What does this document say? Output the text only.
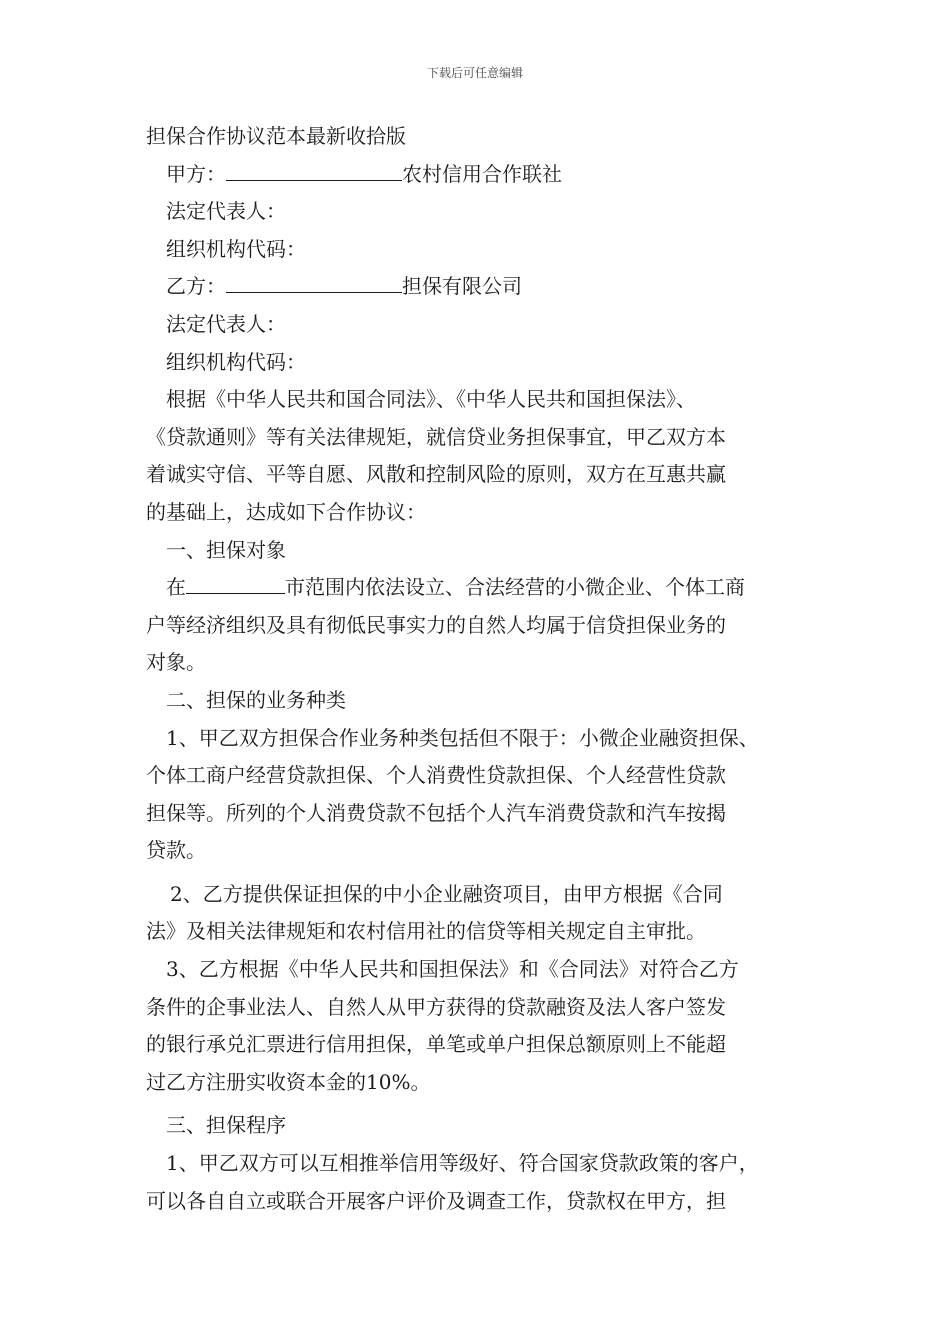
下载后可任意编辑
担保合作协议范本最新收拾版
甲方：	农村信用合作联社
法定代表人：
组织机构代码：
乙方：	担保有限公司
法定代表人：
组织机构代码：
根据《中华人民共和国合同法》、《中华人民共和国担保法》、
《贷款通则》等有关法律规矩，就信贷业务担保事宜，甲乙双方本
着诚实守信、平等自愿、风散和控制风险的原则，双方在互惠共赢
的基础上，达成如下合作协议：
一、担保对象
在	市范围内依法设立、合法经营的小微企业、个体工商
户等经济组织及具有彻低民事实力的自然人均属于信贷担保业务的
对象。
二、担保的业务种类
1、甲乙双方担保合作业务种类包括但不限于：小微企业融资担保、
个体工商户经营贷款担保、个人消费性贷款担保、个人经营性贷款
担保等。所列的个人消费贷款不包括个人汽车消费贷款和汽车按揭
贷款。
2、乙方提供保证担保的中小企业融资项目，由甲方根据《合同
法》及相关法律规矩和农村信用社的信贷等相关规定自主审批。
3、乙方根据《中华人民共和国担保法》和《合同法》对符合乙方
条件的企事业法人、自然人从甲方获得的贷款融资及法人客户签发
的银行承兑汇票进行信用担保，单笔或单户担保总额原则上不能超
过乙方注册实收资本金的10%。
三、担保程序
1、甲乙双方可以互相推举信用等级好、符合国家贷款政策的客户，
可以各自自立或联合开展客户评价及调查工作，贷款权在甲方，担
